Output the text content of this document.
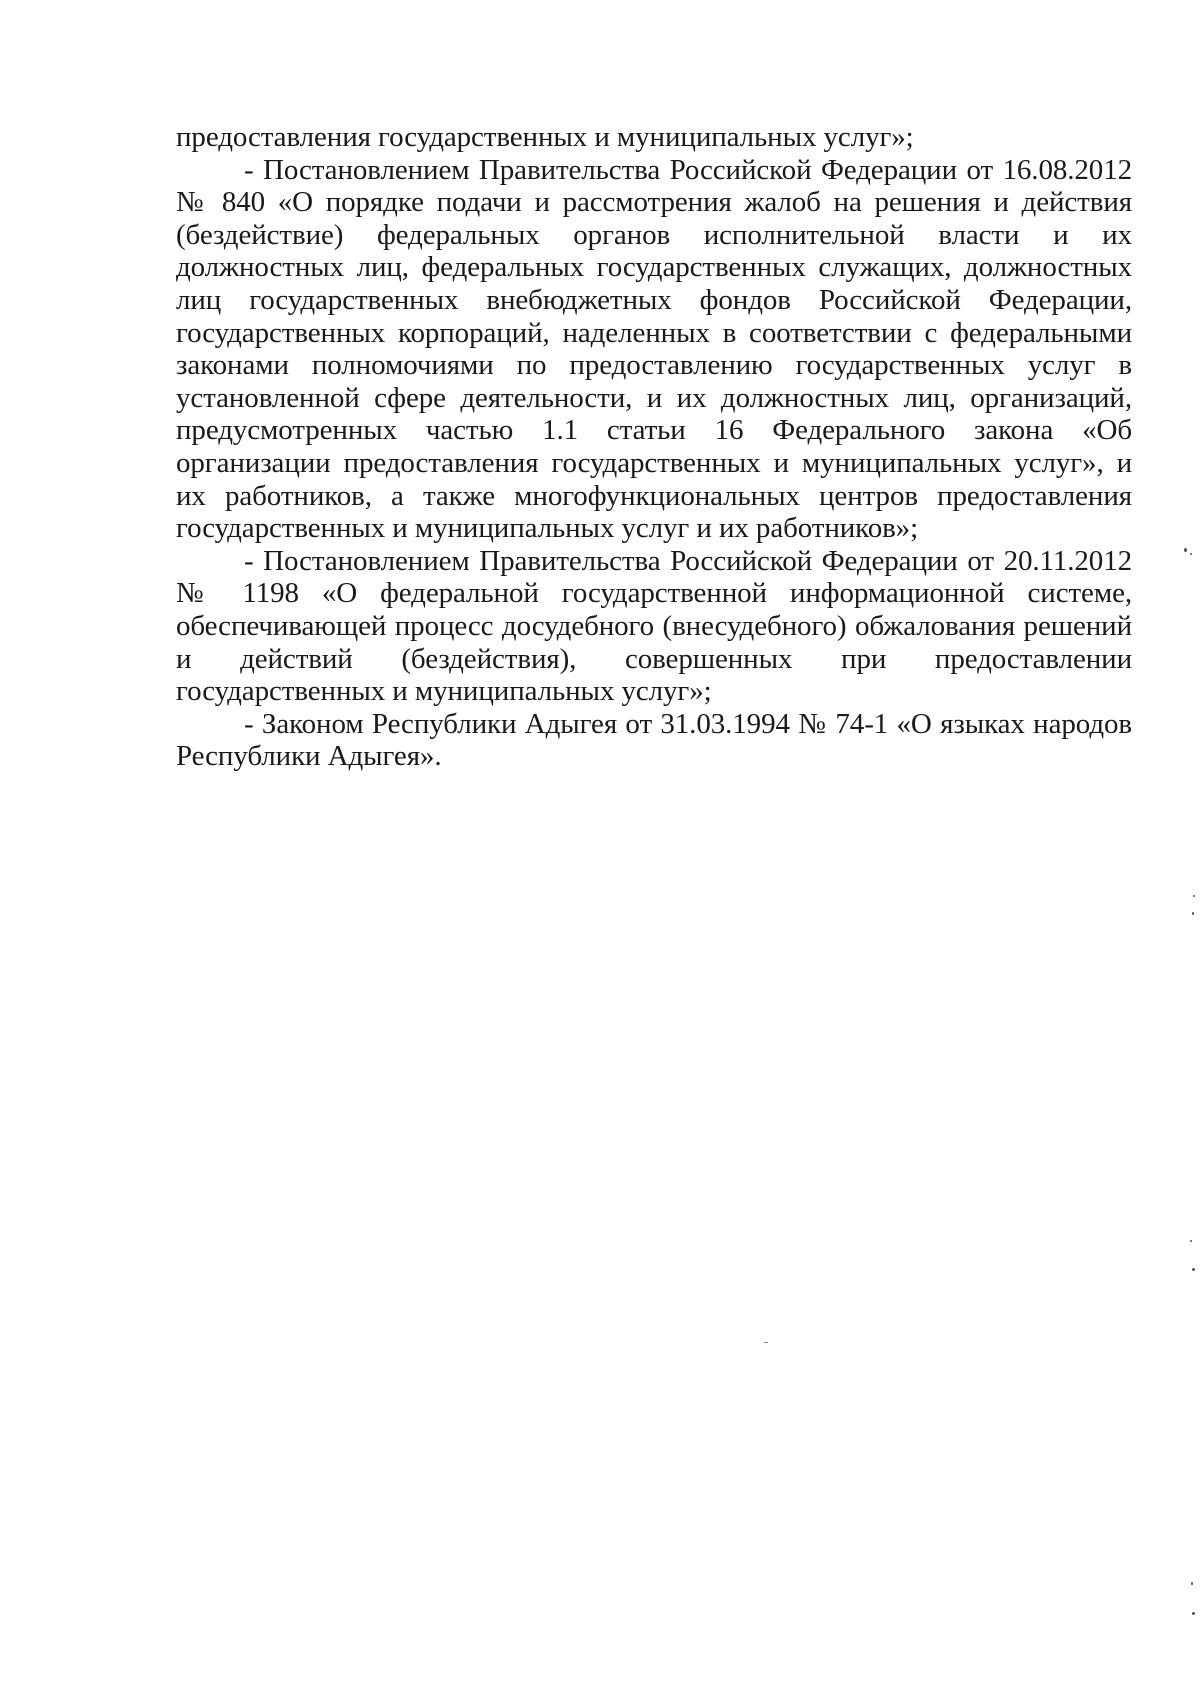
предоставления государственных и муниципальных услуг»;

- Постановлением Правительства Российской Федерации от 16.08.2012 № 840 «О порядке подачи и рассмотрения жалоб на решения и действия (бездействие) федеральных органов исполнительной власти и их должностных лиц, федеральных государственных служащих, должностных лиц государственных внебюджетных фондов Российской Федерации, государственных корпораций, наделенных в соответствии с федеральными законами полномочиями по предоставлению государственных услуг в установленной сфере деятельности, и их должностных лиц, организаций, предусмотренных частью 1.1 статьи 16 Федерального закона «Об организации предоставления государственных и муниципальных услуг», и их работников, а также многофункциональных центров предоставления государственных и муниципальных услуг и их работников»;

- Постановлением Правительства Российской Федерации от 20.11.2012 № 1198 «О федеральной государственной информационной системе, обеспечивающей процесс досудебного (внесудебного) обжалования решений и действий (бездействия), совершенных при предоставлении государственных и муниципальных услуг»;

- Законом Республики Адыгея от 31.03.1994 № 74-1 «О языках народов Республики Адыгея».
